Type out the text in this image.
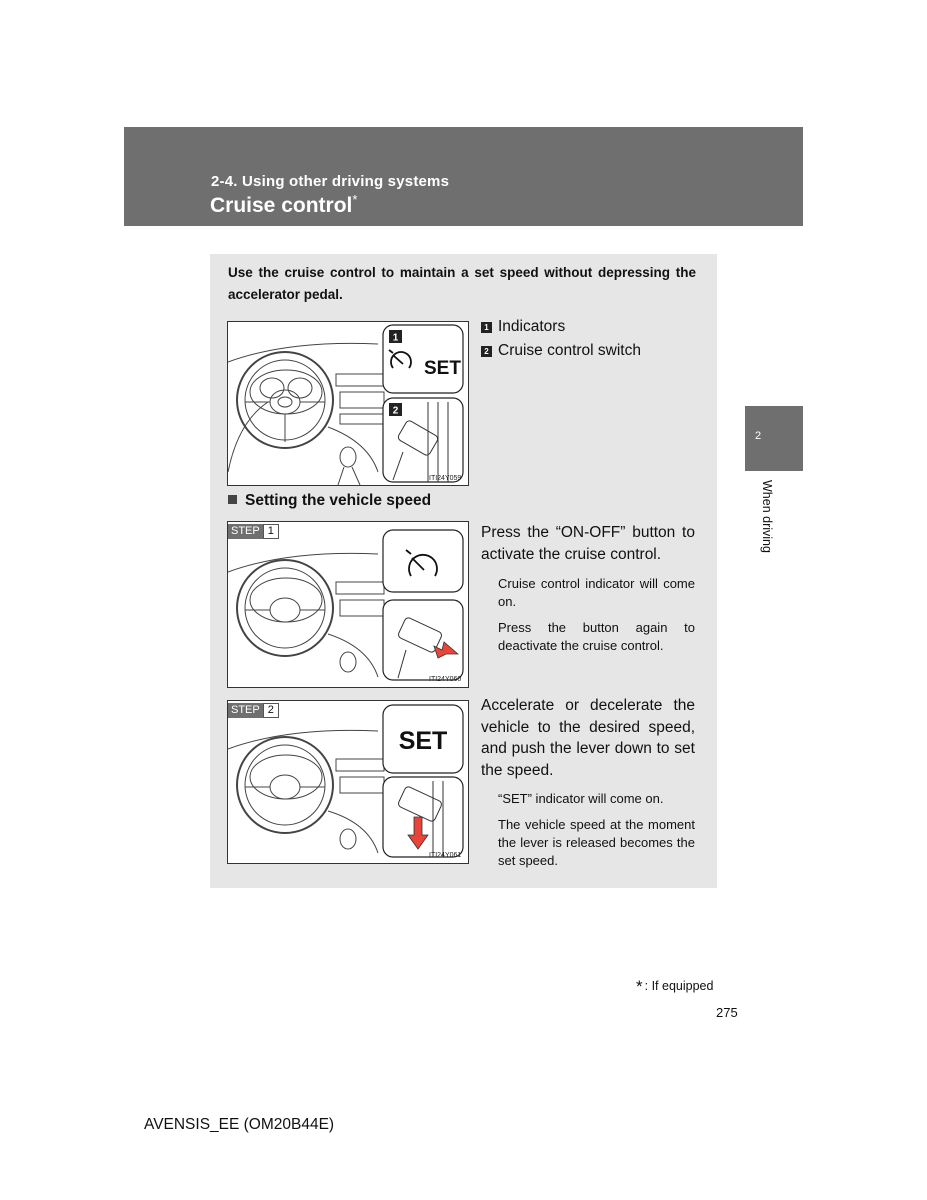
2-4. Using other driving systems
Cruise control*
2
When driving
Use the cruise control to maintain a set speed without depressing the accelerator pedal.
1
2
SET
ITI24Y059
1 Indicators
2 Cruise control switch
Setting the vehicle speed
ITI24Y060
STEP 1	Press the “ON-OFF” button to activate the cruise control.
Cruise control indicator will come on.
Press the button again to deactivate the cruise control.
SET
ITI24Y061
STEP 2	Accelerate or decelerate the vehicle to the desired speed, and push the lever down to set the speed.
“SET” indicator will come on.
The vehicle speed at the moment the lever is released becomes the set speed.
* : If equipped
275
AVENSIS_EE (OM20B44E)
